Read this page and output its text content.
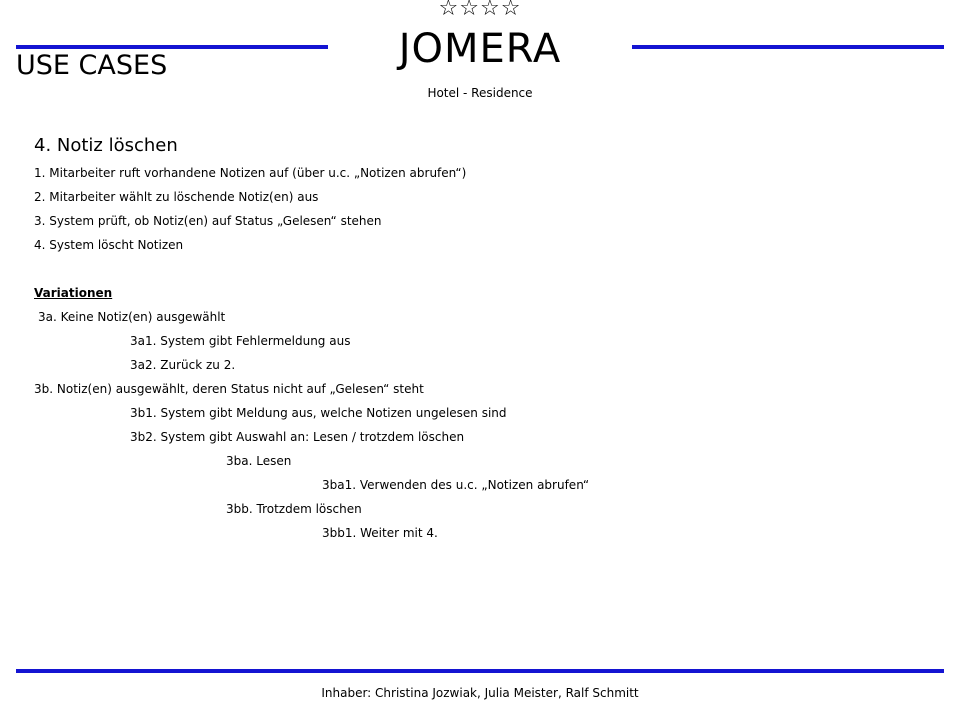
☆☆☆☆
JOMERA
Hotel - Residence
USE CASES
4. Notiz löschen
1. Mitarbeiter ruft vorhandene Notizen auf (über u.c. „Notizen abrufen“)
2. Mitarbeiter wählt zu löschende Notiz(en) aus
3. System prüft, ob Notiz(en) auf Status „Gelesen“ stehen
4. System löscht Notizen
Variationen
3a. Keine Notiz(en) ausgewählt
3a1. System gibt Fehlermeldung aus
3a2. Zurück zu 2.
3b. Notiz(en) ausgewählt, deren Status nicht auf „Gelesen“ steht
3b1. System gibt Meldung aus, welche Notizen ungelesen sind
3b2. System gibt Auswahl an: Lesen / trotzdem löschen
3ba. Lesen
3ba1. Verwenden des u.c. „Notizen abrufen“
3bb. Trotzdem löschen
3bb1. Weiter mit 4.
Inhaber: Christina Jozwiak, Julia Meister, Ralf Schmitt
